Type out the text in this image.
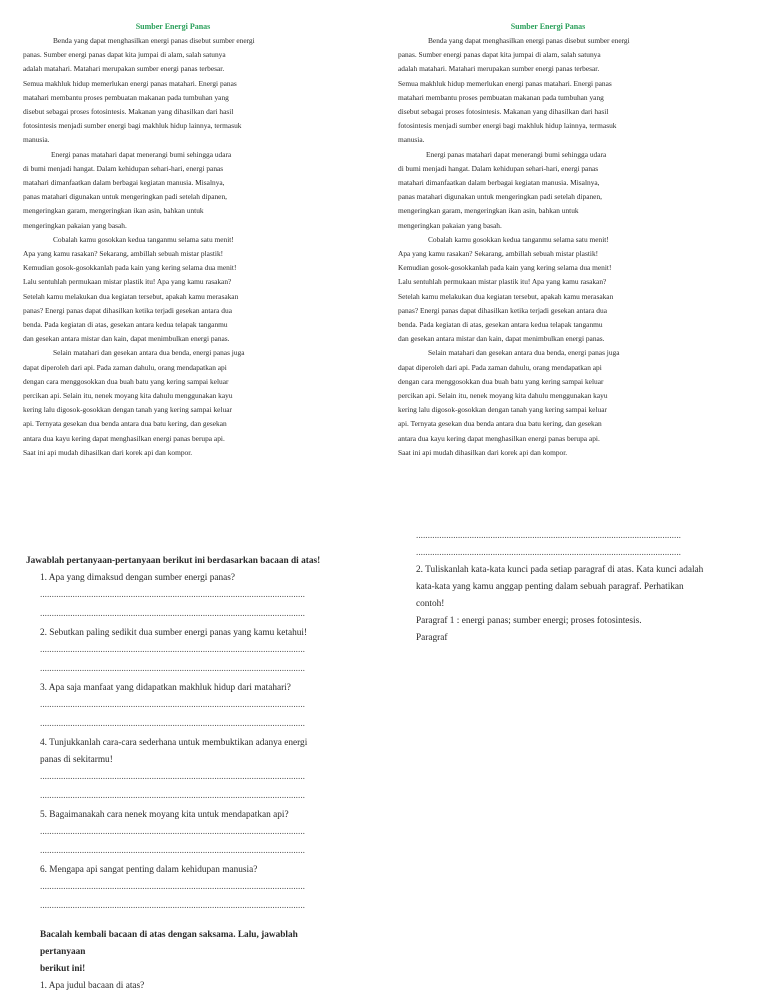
Sumber Energi Panas
Benda yang dapat menghasilkan energi panas disebut sumber energi
panas. Sumber energi panas dapat kita jumpai di alam, salah satunya
adalah matahari. Matahari merupakan sumber energi panas terbesar.
Semua makhluk hidup memerlukan energi panas matahari. Energi panas
matahari membantu proses pembuatan makanan pada tumbuhan yang
disebut sebagai proses fotosintesis. Makanan yang dihasilkan dari hasil
fotosintesis menjadi sumber energi bagi makhluk hidup lainnya, termasuk
manusia.
Energi panas matahari dapat menerangi bumi sehingga udara
di bumi menjadi hangat. Dalam kehidupan sehari-hari, energi panas
matahari dimanfaatkan dalam berbagai kegiatan manusia. Misalnya,
panas matahari digunakan untuk mengeringkan padi setelah dipanen,
mengeringkan garam, mengeringkan ikan asin, bahkan untuk
mengeringkan pakaian yang basah.
Cobalah kamu gosokkan kedua tanganmu selama satu menit!
Apa yang kamu rasakan? Sekarang, ambillah sebuah mistar plastik!
Kemudian gosok-gosokkanlah pada kain yang kering selama dua menit!
Lalu sentuhlah permukaan mistar plastik itu! Apa yang kamu rasakan?
Setelah kamu melakukan dua kegiatan tersebut, apakah kamu merasakan
panas? Energi panas dapat dihasilkan ketika terjadi gesekan antara dua
benda. Pada kegiatan di atas, gesekan antara kedua telapak tanganmu
dan gesekan antara mistar dan kain, dapat menimbulkan energi panas.
Selain matahari dan gesekan antara dua benda, energi panas juga
dapat diperoleh dari api. Pada zaman dahulu, orang mendapatkan api
dengan cara menggosokkan dua buah batu yang kering sampai keluar
percikan api. Selain itu, nenek moyang kita dahulu menggunakan kayu
kering lalu digosok-gosokkan dengan tanah yang kering sampai keluar
api. Ternyata gesekan dua benda antara dua batu kering, dan gesekan
antara dua kayu kering dapat menghasilkan energi panas berupa api.
Saat ini api mudah dihasilkan dari korek api dan kompor.
Sumber Energi Panas
Benda yang dapat menghasilkan energi panas disebut sumber energi
panas. Sumber energi panas dapat kita jumpai di alam, salah satunya
adalah matahari. Matahari merupakan sumber energi panas terbesar.
Semua makhluk hidup memerlukan energi panas matahari. Energi panas
matahari membantu proses pembuatan makanan pada tumbuhan yang
disebut sebagai proses fotosintesis. Makanan yang dihasilkan dari hasil
fotosintesis menjadi sumber energi bagi makhluk hidup lainnya, termasuk
manusia.
Energi panas matahari dapat menerangi bumi sehingga udara
di bumi menjadi hangat. Dalam kehidupan sehari-hari, energi panas
matahari dimanfaatkan dalam berbagai kegiatan manusia. Misalnya,
panas matahari digunakan untuk mengeringkan padi setelah dipanen,
mengeringkan garam, mengeringkan ikan asin, bahkan untuk
mengeringkan pakaian yang basah.
Cobalah kamu gosokkan kedua tanganmu selama satu menit!
Apa yang kamu rasakan? Sekarang, ambillah sebuah mistar plastik!
Kemudian gosok-gosokkanlah pada kain yang kering selama dua menit!
Lalu sentuhlah permukaan mistar plastik itu! Apa yang kamu rasakan?
Setelah kamu melakukan dua kegiatan tersebut, apakah kamu merasakan
panas? Energi panas dapat dihasilkan ketika terjadi gesekan antara dua
benda. Pada kegiatan di atas, gesekan antara kedua telapak tanganmu
dan gesekan antara mistar dan kain, dapat menimbulkan energi panas.
Selain matahari dan gesekan antara dua benda, energi panas juga
dapat diperoleh dari api. Pada zaman dahulu, orang mendapatkan api
dengan cara menggosokkan dua buah batu yang kering sampai keluar
percikan api. Selain itu, nenek moyang kita dahulu menggunakan kayu
kering lalu digosok-gosokkan dengan tanah yang kering sampai keluar
api. Ternyata gesekan dua benda antara dua batu kering, dan gesekan
antara dua kayu kering dapat menghasilkan energi panas berupa api.
Saat ini api mudah dihasilkan dari korek api dan kompor.
Jawablah pertanyaan-pertanyaan berikut ini berdasarkan bacaan di atas!
1. Apa yang dimaksud dengan sumber energi panas?
..................................................................................................................
..................................................................................................................
2. Sebutkan paling sedikit dua sumber energi panas yang kamu ketahui!
..................................................................................................................
..................................................................................................................
3. Apa saja manfaat yang didapatkan makhluk hidup dari matahari?
..................................................................................................................
..................................................................................................................
4. Tunjukkanlah cara-cara sederhana untuk membuktikan adanya energi
panas di sekitarmu!
..................................................................................................................
..................................................................................................................
5. Bagaimanakah cara nenek moyang kita untuk mendapatkan api?
..................................................................................................................
..................................................................................................................
6. Mengapa api sangat penting dalam kehidupan manusia?
..................................................................................................................
..................................................................................................................
..................................................................................................................
..................................................................................................................
2. Tuliskanlah kata-kata kunci pada setiap paragraf di atas. Kata kunci adalah
kata-kata yang kamu anggap penting dalam sebuah paragraf. Perhatikan
contoh!
Paragraf 1 : energi panas; sumber energi; proses fotosintesis.
Paragraf
Bacalah kembali bacaan di atas dengan saksama. Lalu, jawablah pertanyaan
berikut ini!
1. Apa judul bacaan di atas?
